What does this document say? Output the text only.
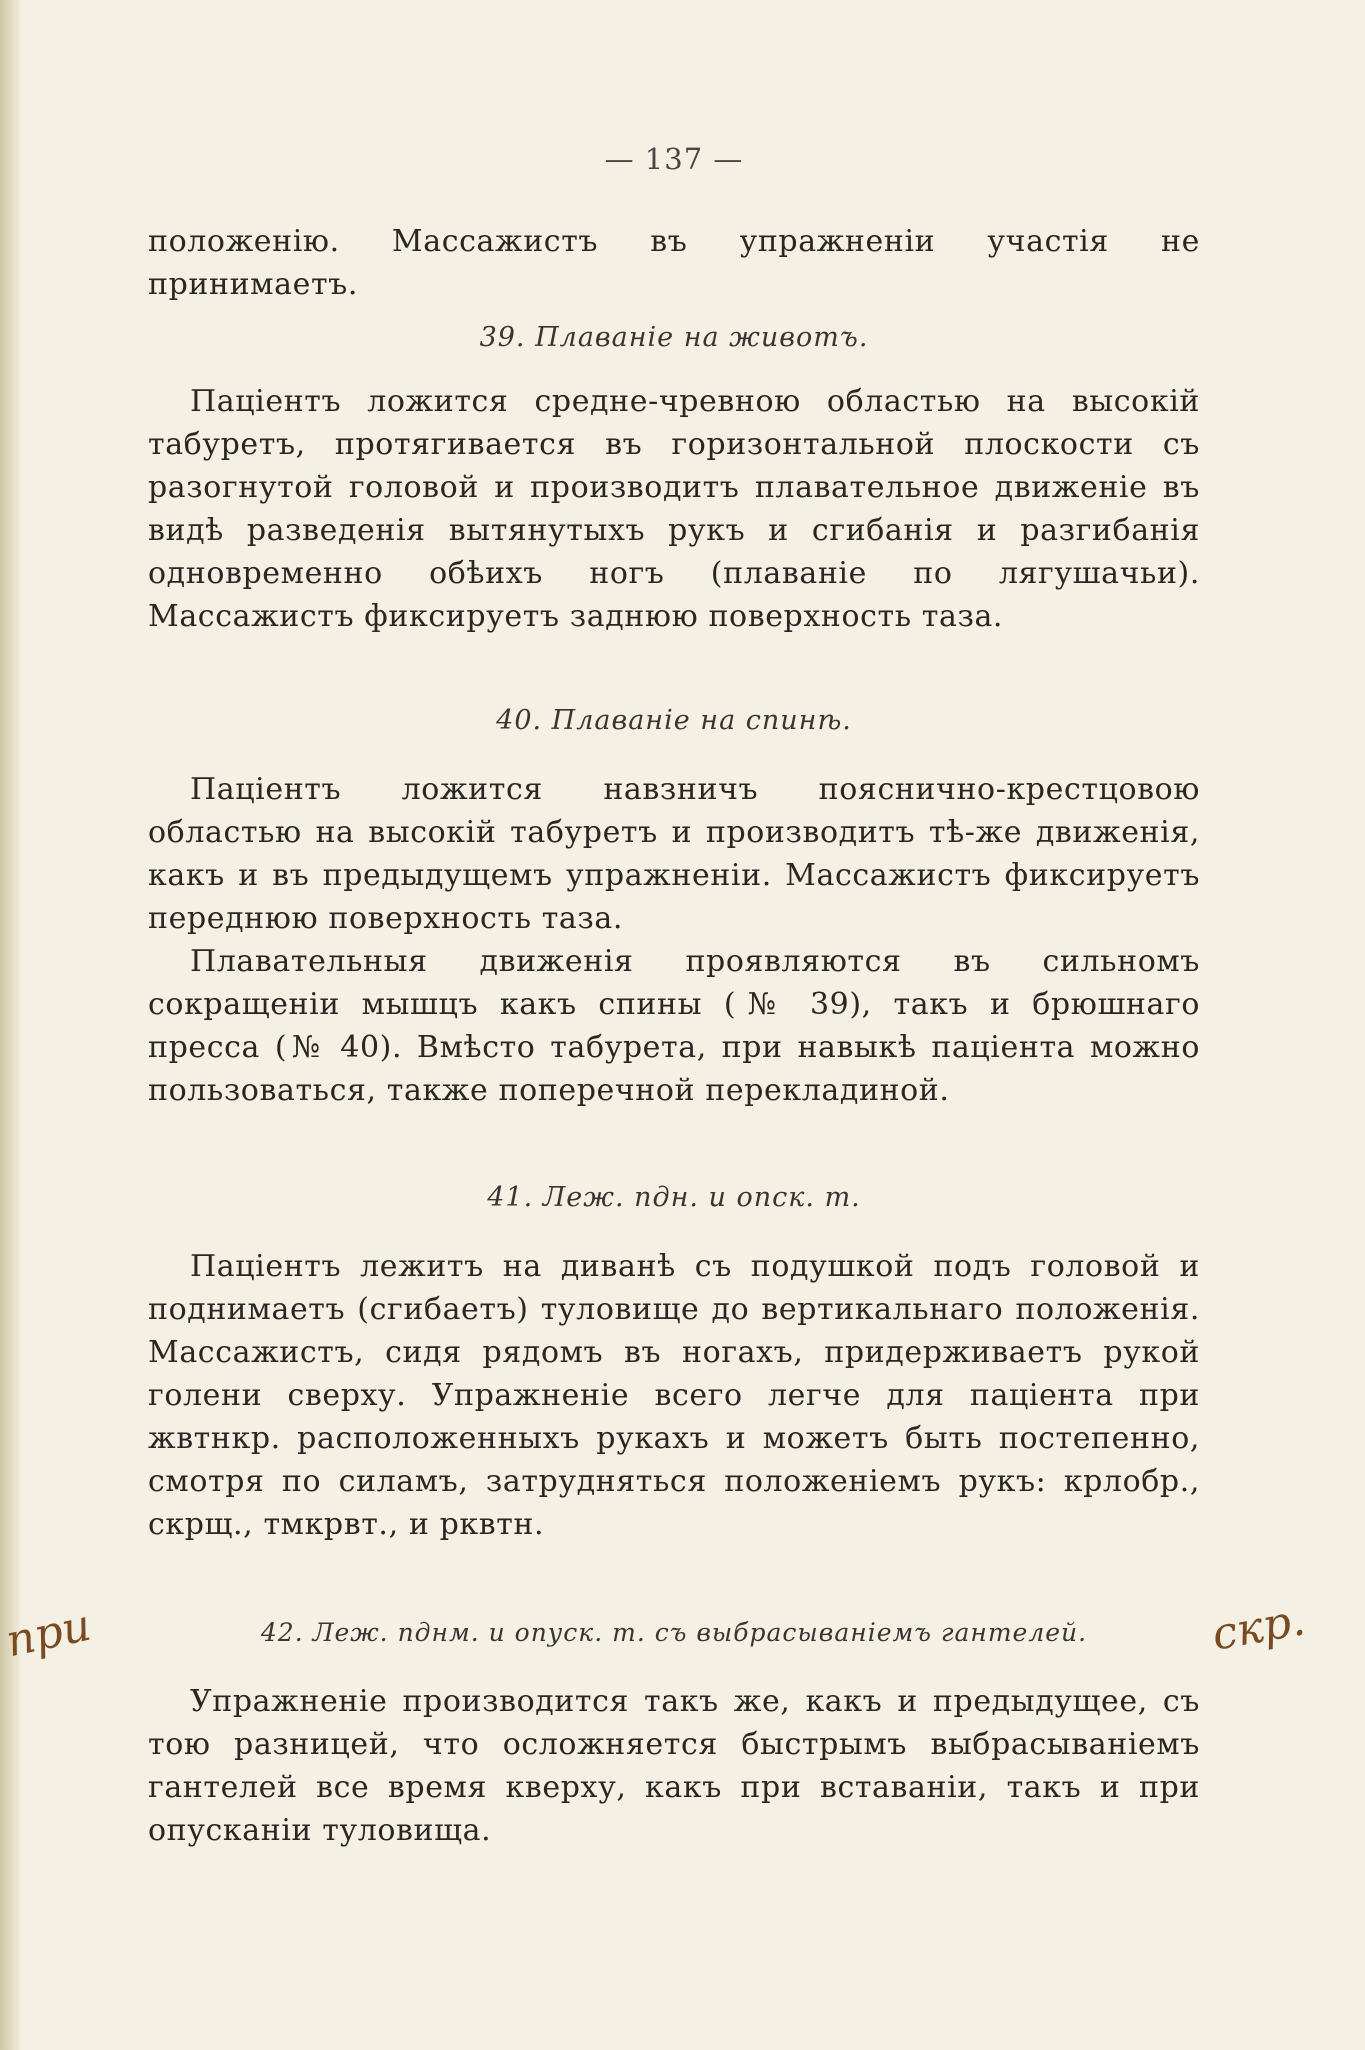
при	скр.
— 137 —

положенію. Массажистъ въ упражненіи участія не принимаетъ.

39. Плаваніе на животъ.

Паціентъ ложится средне-чревною областью на высокій табуретъ, протягивается въ горизонтальной плоскости съ разогнутой головой и производитъ плавательное движеніе въ видѣ разведенія вытянутыхъ рукъ и сгибанія и разгибанія одновременно обѣихъ ногъ (плаваніе по лягушачьи). Массажистъ фиксируетъ заднюю поверхность таза.

40. Плаваніе на спинѣ.

Паціентъ ложится навзничъ пояснично-крестцовою областью на высокій табуретъ и производитъ тѣ-же движенія, какъ и въ предыдущемъ упражненіи. Массажистъ фиксируетъ переднюю поверхность таза.

Плавательныя движенія проявляются въ сильномъ сокращеніи мышцъ какъ спины (№ 39), такъ и брюшнаго пресса (№ 40). Вмѣсто табурета, при навыкѣ паціента можно пользоваться, также поперечной перекладиной.

41. Леж. пдн. и опск. т.

Паціентъ лежитъ на диванѣ съ подушкой подъ головой и поднимаетъ (сгибаетъ) туловище до вертикальнаго положенія. Массажистъ, сидя рядомъ въ ногахъ, придерживаетъ рукой голени сверху. Упражненіе всего легче для паціента при жвтнкр. расположенныхъ рукахъ и можетъ быть постепенно, смотря по силамъ, затрудняться положеніемъ рукъ: крлобр., скрщ., тмкрвт., и рквтн.

42. Леж. пднм. и опуск. т. съ выбрасываніемъ гантелей.

Упражненіе производится такъ же, какъ и предыдущее, съ тою разницей, что осложняется быстрымъ выбрасываніемъ гантелей все время кверху, какъ при вставаніи, такъ и при опусканіи туловища.
